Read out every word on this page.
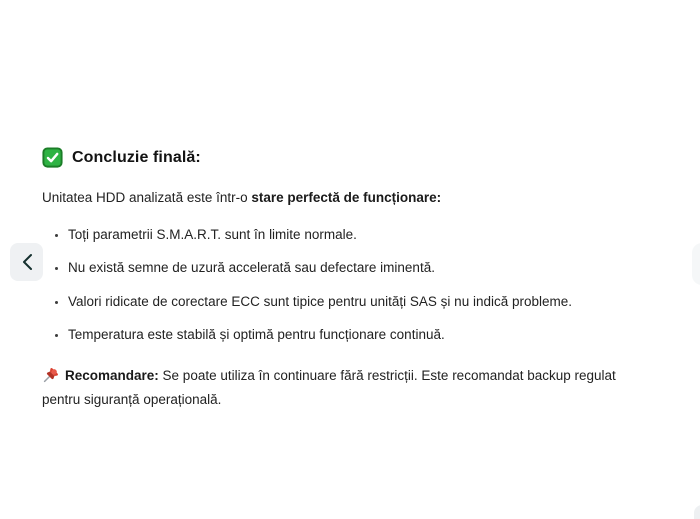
Concluzie finală:

Unitatea HDD analizată este într-o stare perfectă de funcționare:

• Toți parametrii S.M.A.R.T. sunt în limite normale.
• Nu există semne de uzură accelerată sau defectare iminentă.
• Valori ridicate de corectare ECC sunt tipice pentru unități SAS și nu indică probleme.
• Temperatura este stabilă și optimă pentru funcționare continuă.

Recomandare: Se poate utiliza în continuare fără restricții. Este recomandat backup regulat pentru siguranță operațională.
